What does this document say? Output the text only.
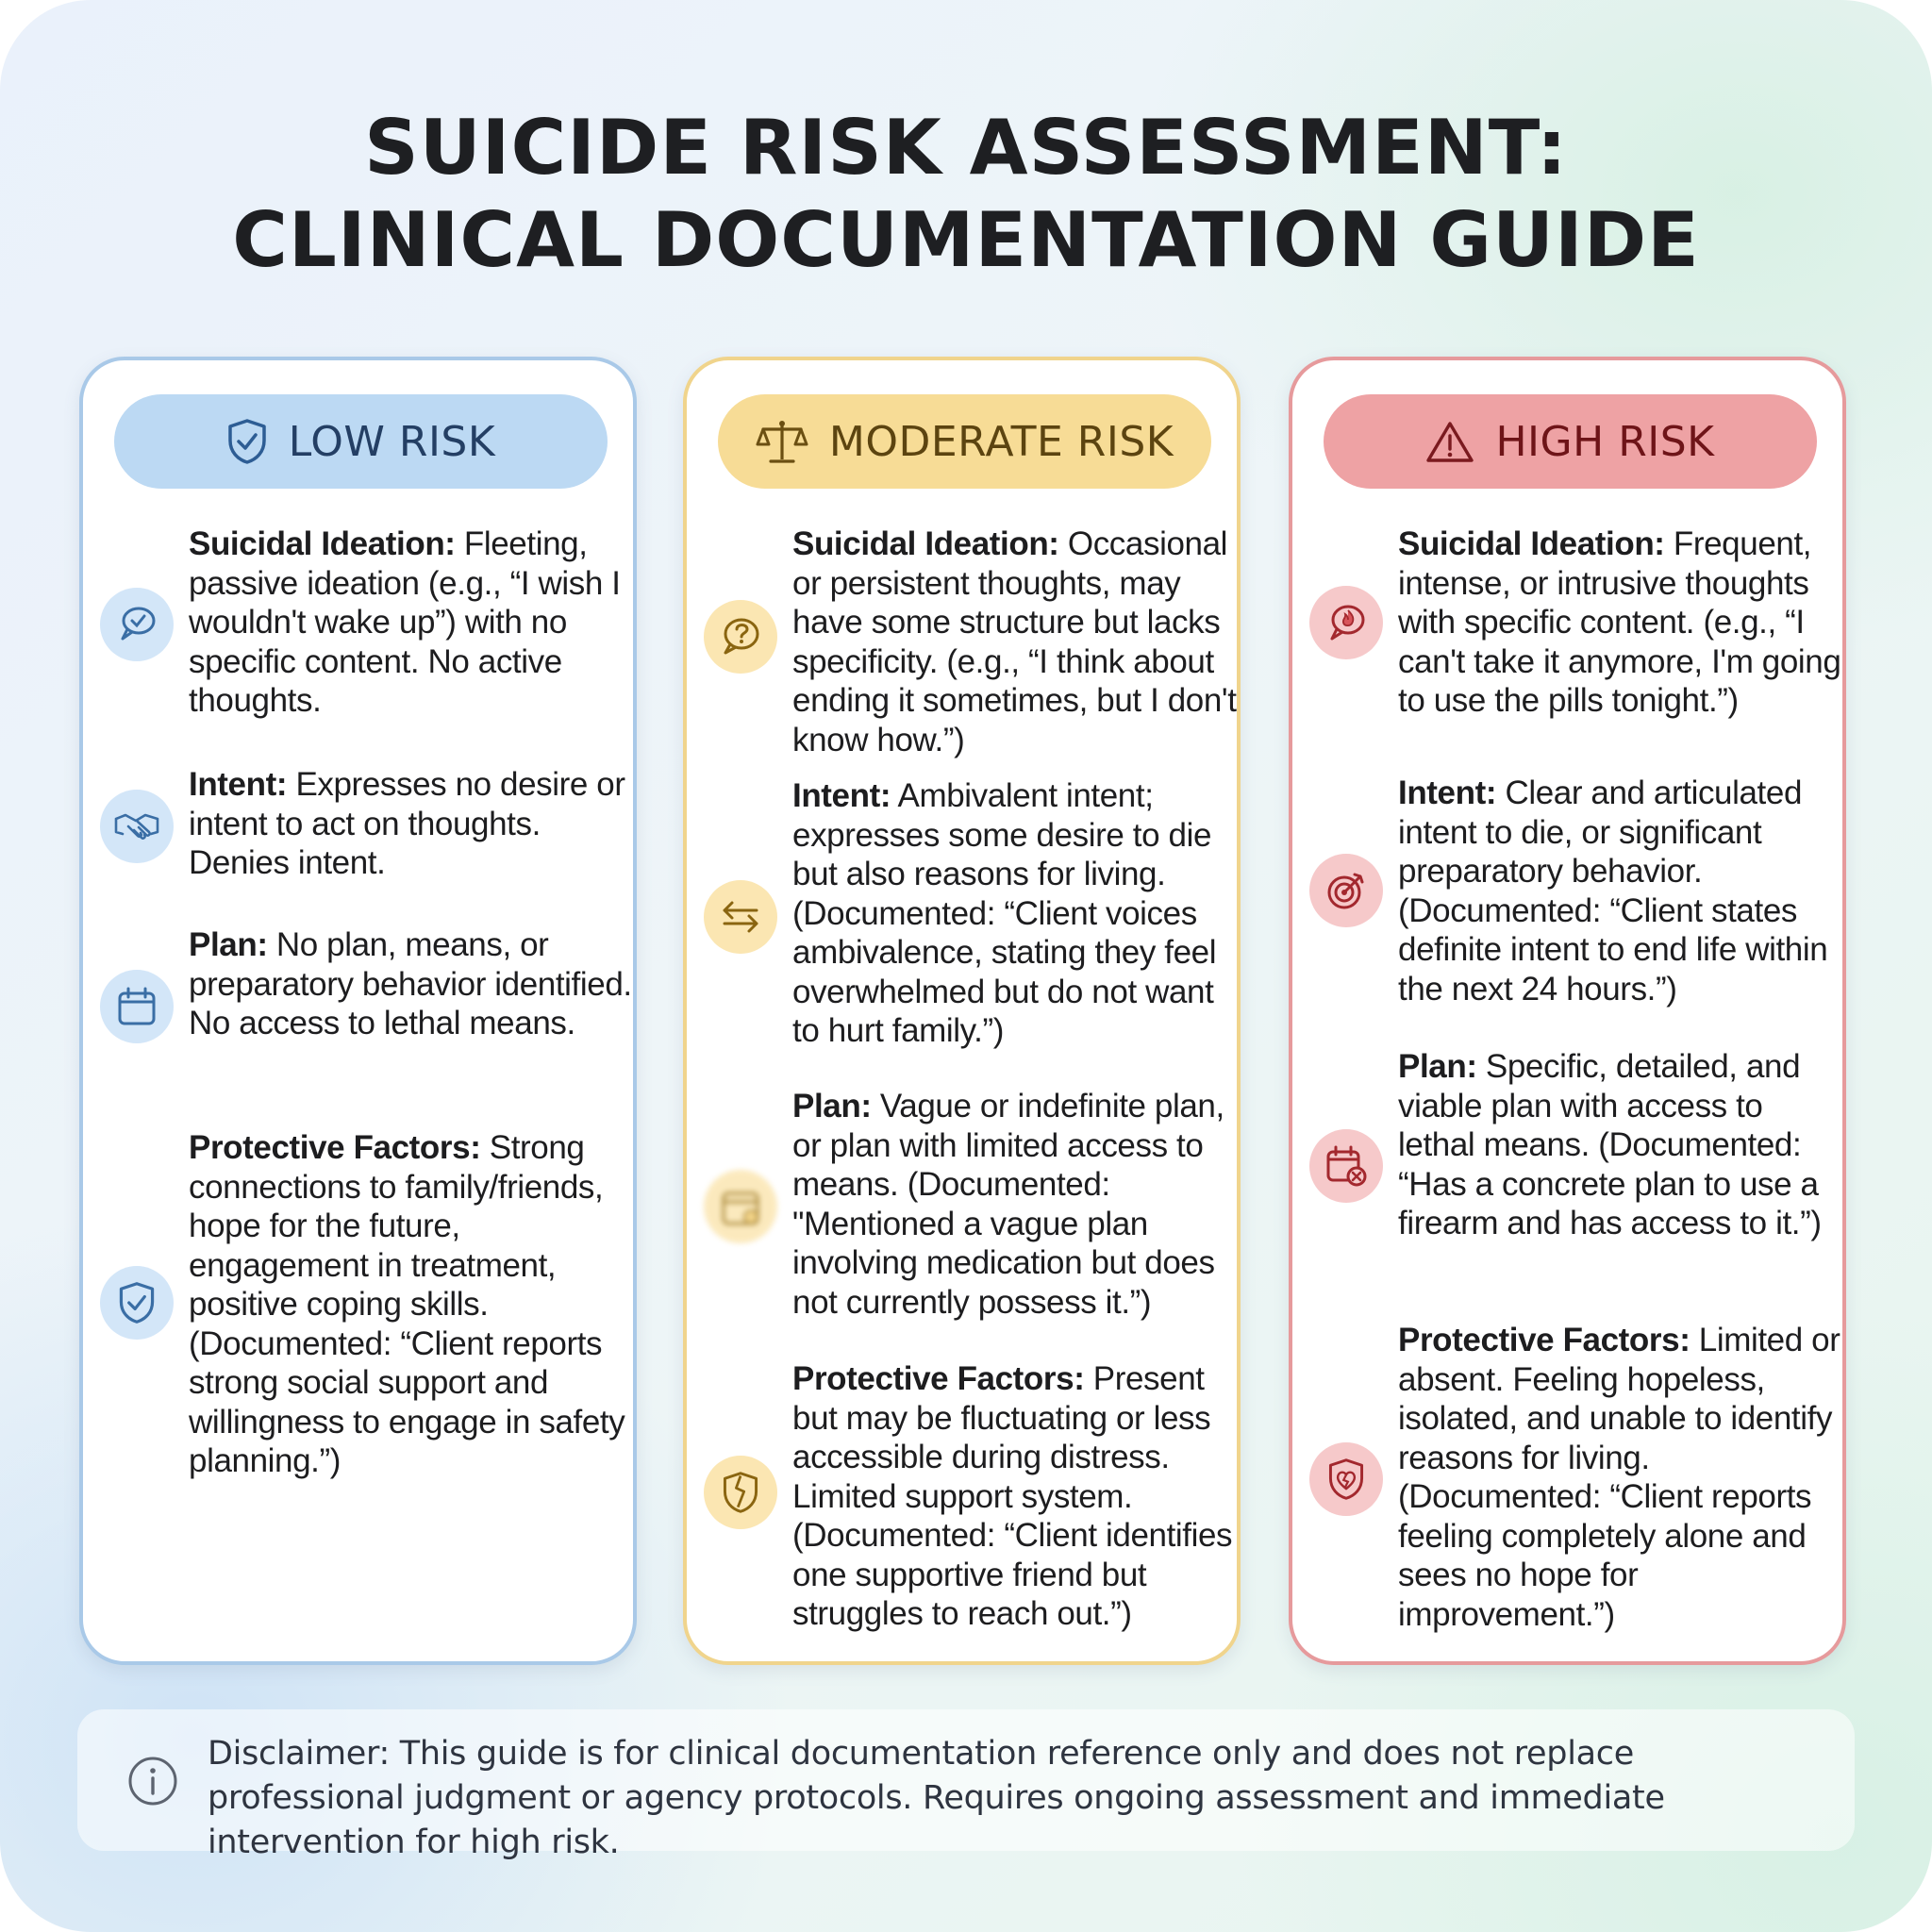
SUICIDE RISK ASSESSMENT:
CLINICAL DOCUMENTATION GUIDE
LOW RISK
Suicidal Ideation: Fleeting, passive ideation (e.g., “I wish I wouldn't wake up”) with no specific content. No active thoughts.
Intent: Expresses no desire or intent to act on thoughts. Denies intent.
Plan: No plan, means, or preparatory behavior identified. No access to lethal means.
Protective Factors: Strong connections to family/friends, hope for the future, engagement in treatment, positive coping skills. (Documented: “Client reports strong social support and willingness to engage in safety planning.”)
MODERATE RISK
Suicidal Ideation: Occasional or persistent thoughts, may have some structure but lacks specificity. (e.g., “I think about ending it sometimes, but I don't know how.”)
Intent: Ambivalent intent; expresses some desire to die but also reasons for living. (Documented: “Client voices ambivalence, stating they feel overwhelmed but do not want to hurt family.”)
Plan: Vague or indefinite plan, or plan with limited access to means. (Documented: "Mentioned a vague plan involving medication but does not currently possess it.”)
Protective Factors: Present but may be fluctuating or less accessible during distress. Limited support system. (Documented: “Client identifies one supportive friend but struggles to reach out.”)
HIGH RISK
Suicidal Ideation: Frequent, intense, or intrusive thoughts with specific content. (e.g., “I can't take it anymore, I'm going to use the pills tonight.”)
Intent: Clear and articulated intent to die, or significant preparatory behavior. (Documented: “Client states definite intent to end life within the next 24 hours.”)
Plan: Specific, detailed, and viable plan with access to lethal means. (Documented: “Has a concrete plan to use a firearm and has access to it.”)
Protective Factors: Limited or absent. Feeling hopeless, isolated, and unable to identify reasons for living. (Documented: “Client reports feeling completely alone and sees no hope for improvement.”)
Disclaimer: This guide is for clinical documentation reference only and does not replace professional judgment or agency protocols. Requires ongoing assessment and immediate intervention for high risk.
